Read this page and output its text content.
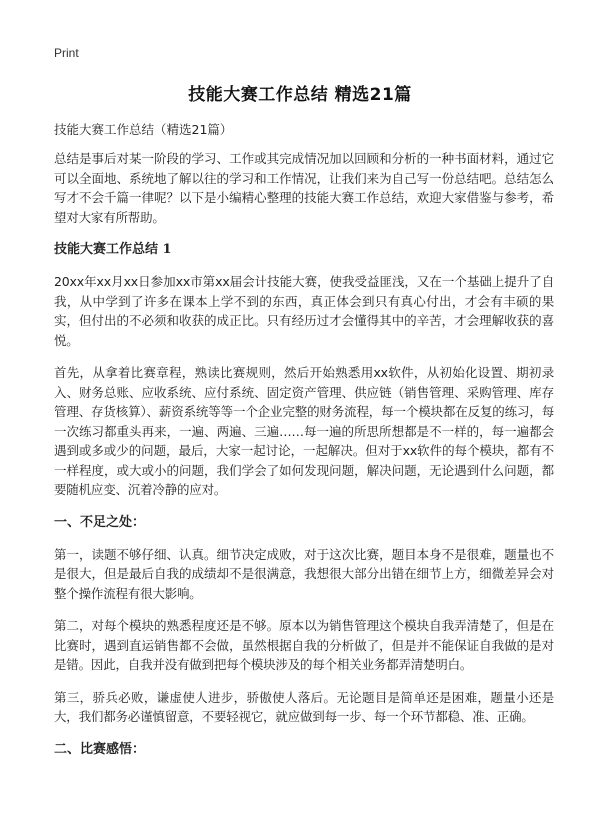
Print
技能大赛工作总结 精选21篇

技能大赛工作总结（精选21篇）

总结是事后对某一阶段的学习、工作或其完成情况加以回顾和分析的一种书面材料，通过它可以全面地、系统地了解以往的学习和工作情况，让我们来为自己写一份总结吧。总结怎么写才不会千篇一律呢？以下是小编精心整理的技能大赛工作总结，欢迎大家借鉴与参考，希望对大家有所帮助。

技能大赛工作总结 1

20xx年xx月xx日参加xx市第xx届会计技能大赛，使我受益匪浅，又在一个基础上提升了自我，从中学到了许多在课本上学不到的东西，真正体会到只有真心付出，才会有丰硕的果实，但付出的不必须和收获的成正比。只有经历过才会懂得其中的辛苦，才会理解收获的喜悦。

首先，从拿着比赛章程，熟读比赛规则，然后开始熟悉用xx软件，从初始化设置、期初录入、财务总账、应收系统、应付系统、固定资产管理、供应链（销售管理、采购管理、库存管理、存货核算）、薪资系统等等一个企业完整的财务流程，每一个模块都在反复的练习，每一次练习都重头再来，一遍、两遍、三遍……每一遍的所思所想都是不一样的，每一遍都会遇到或多或少的问题，最后，大家一起讨论，一起解决。但对于xx软件的每个模块，都有不一样程度，或大或小的问题，我们学会了如何发现问题，解决问题，无论遇到什么问题，都要随机应变、沉着冷静的应对。

一、不足之处：

第一，读题不够仔细、认真。细节决定成败，对于这次比赛，题目本身不是很难，题量也不是很大，但是最后自我的成绩却不是很满意，我想很大部分出错在细节上方，细微差异会对整个操作流程有很大影响。

第二，对每个模块的熟悉程度还是不够。原本以为销售管理这个模块自我弄清楚了，但是在比赛时，遇到直运销售都不会做，虽然根据自我的分析做了，但是并不能保证自我做的是对是错。因此，自我并没有做到把每个模块涉及的每个相关业务都弄清楚明白。

第三，骄兵必败，谦虚使人进步，骄傲使人落后。无论题目是简单还是困难，题量小还是大，我们都务必谨慎留意，不要轻视它，就应做到每一步、每一个环节都稳、准、正确。

二、比赛感悟：
